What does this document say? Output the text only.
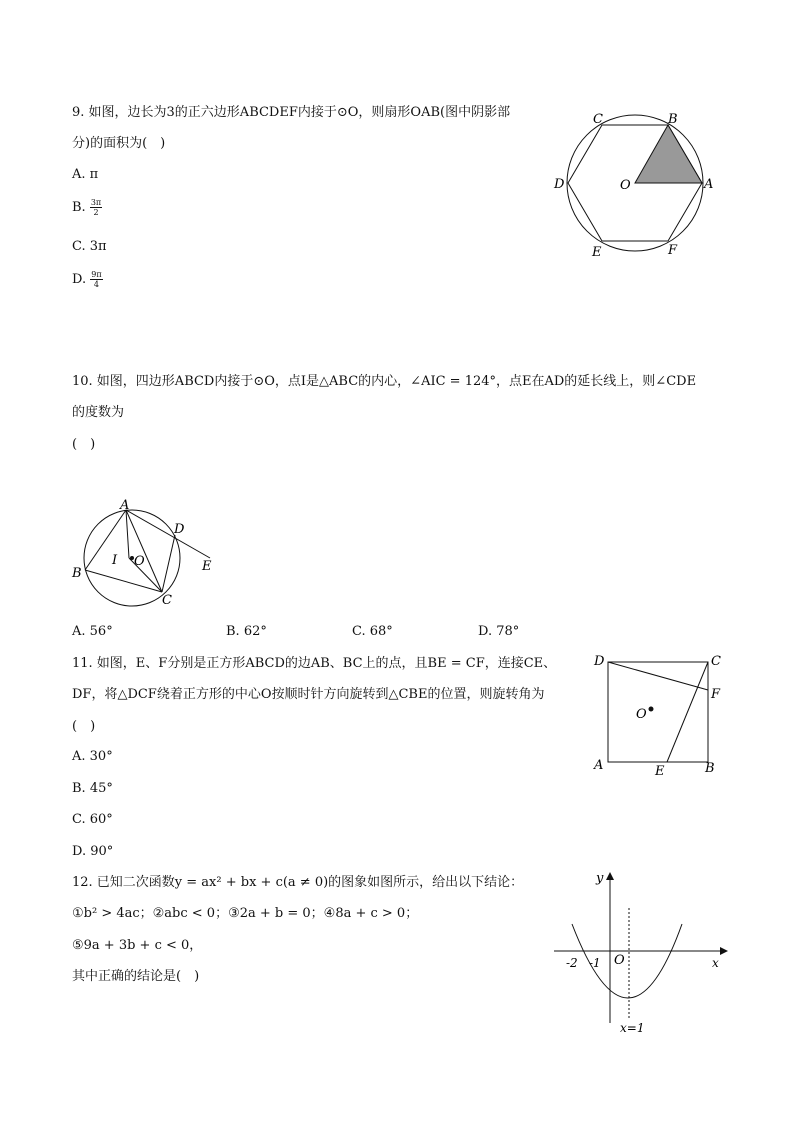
9. 如图，边长为3的正六边形ABCDEF内接于⊙O，则扇形OAB(图中阴影部
分)的面积为(　)
A. π
B. $\frac{3\pi}{2}$
C. 3π
D. $\frac{9\pi}{4}$
C	B
D	O	A
E	F
10. 如图，四边形ABCD内接于⊙O，点I是△ABC的内心，∠AIC = 124°，点E在AD的延长线上，则∠CDE
的度数为
(　)
A
D
I O	E
B
C
A. 56°	B. 62°	C. 68°	D. 78°
11. 如图，E、F分别是正方形ABCD的边AB、BC上的点，且BE = CF，连接CE、
DF，将△DCF绕着正方形的中心O按顺时针方向旋转到△CBE的位置，则旋转角为
(　)
A. 30°
B. 45°
C. 60°
D. 90°
D	C
F
O
A	E	B
12. 已知二次函数y = ax² + bx + c(a ≠ 0)的图象如图所示，给出以下结论：
①b² > 4ac；②abc < 0；③2a + b = 0；④8a + c > 0；
⑤9a + 3b + c < 0，
其中正确的结论是(　)
y
x
O
-2 -1
x=1
